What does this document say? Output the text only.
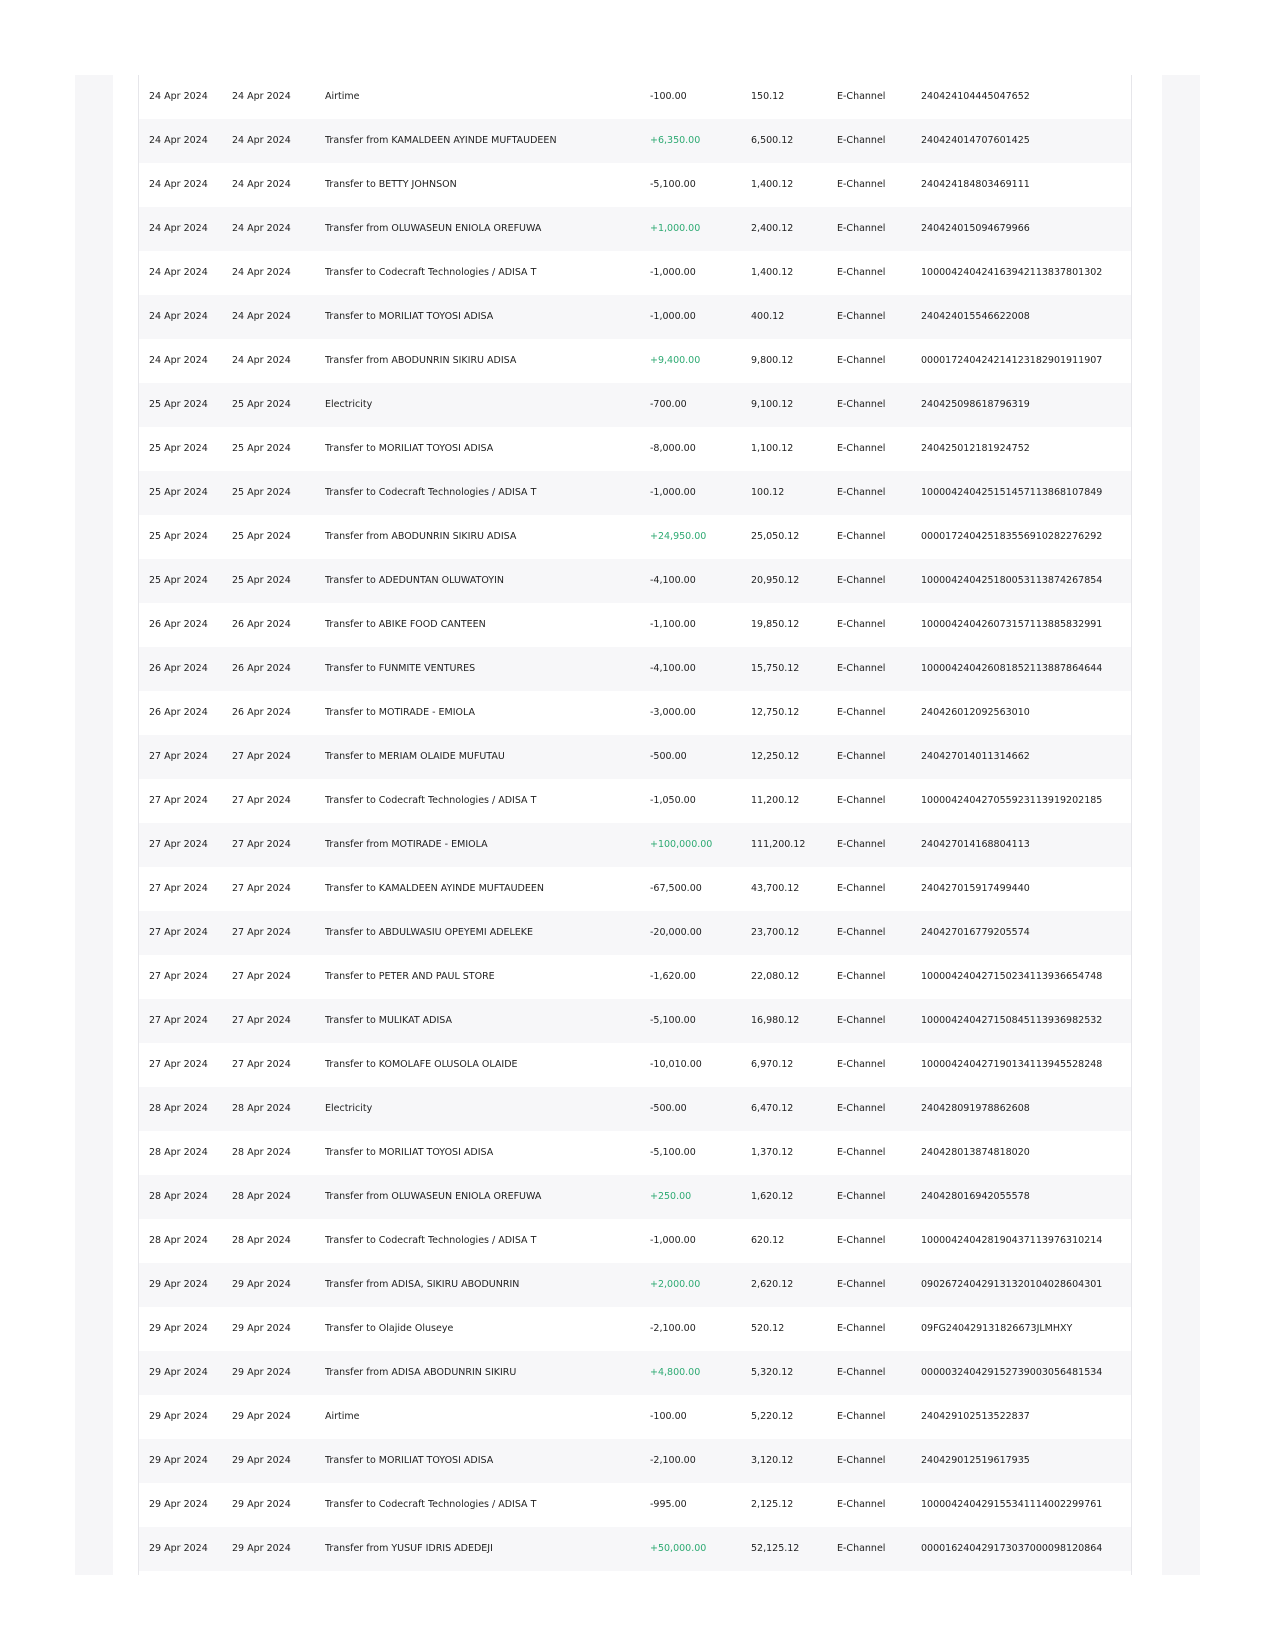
24 Apr 2024	24 Apr 2024	Airtime	-100.00	150.12	E-Channel	240424104445047652
24 Apr 2024	24 Apr 2024	Transfer from KAMALDEEN AYINDE MUFTAUDEEN	+6,350.00	6,500.12	E-Channel	240424014707601425
24 Apr 2024	24 Apr 2024	Transfer to BETTY JOHNSON	-5,100.00	1,400.12	E-Channel	240424184803469111
24 Apr 2024	24 Apr 2024	Transfer from OLUWASEUN ENIOLA OREFUWA	+1,000.00	2,400.12	E-Channel	240424015094679966
24 Apr 2024	24 Apr 2024	Transfer to Codecraft Technologies / ADISA T	-1,000.00	1,400.12	E-Channel	100004240424163942113837801302
24 Apr 2024	24 Apr 2024	Transfer to MORILIAT TOYOSI ADISA	-1,000.00	400.12	E-Channel	240424015546622008
24 Apr 2024	24 Apr 2024	Transfer from ABODUNRIN SIKIRU ADISA	+9,400.00	9,800.12	E-Channel	000017240424214123182901911907
25 Apr 2024	25 Apr 2024	Electricity	-700.00	9,100.12	E-Channel	240425098618796319
25 Apr 2024	25 Apr 2024	Transfer to MORILIAT TOYOSI ADISA	-8,000.00	1,100.12	E-Channel	240425012181924752
25 Apr 2024	25 Apr 2024	Transfer to Codecraft Technologies / ADISA T	-1,000.00	100.12	E-Channel	100004240425151457113868107849
25 Apr 2024	25 Apr 2024	Transfer from ABODUNRIN SIKIRU ADISA	+24,950.00	25,050.12	E-Channel	000017240425183556910282276292
25 Apr 2024	25 Apr 2024	Transfer to ADEDUNTAN OLUWATOYIN	-4,100.00	20,950.12	E-Channel	100004240425180053113874267854
26 Apr 2024	26 Apr 2024	Transfer to ABIKE FOOD CANTEEN	-1,100.00	19,850.12	E-Channel	100004240426073157113885832991
26 Apr 2024	26 Apr 2024	Transfer to FUNMITE VENTURES	-4,100.00	15,750.12	E-Channel	100004240426081852113887864644
26 Apr 2024	26 Apr 2024	Transfer to MOTIRADE - EMIOLA	-3,000.00	12,750.12	E-Channel	240426012092563010
27 Apr 2024	27 Apr 2024	Transfer to MERIAM OLAIDE MUFUTAU	-500.00	12,250.12	E-Channel	240427014011314662
27 Apr 2024	27 Apr 2024	Transfer to Codecraft Technologies / ADISA T	-1,050.00	11,200.12	E-Channel	100004240427055923113919202185
27 Apr 2024	27 Apr 2024	Transfer from MOTIRADE - EMIOLA	+100,000.00	111,200.12	E-Channel	240427014168804113
27 Apr 2024	27 Apr 2024	Transfer to KAMALDEEN AYINDE MUFTAUDEEN	-67,500.00	43,700.12	E-Channel	240427015917499440
27 Apr 2024	27 Apr 2024	Transfer to ABDULWASIU OPEYEMI ADELEKE	-20,000.00	23,700.12	E-Channel	240427016779205574
27 Apr 2024	27 Apr 2024	Transfer to PETER AND PAUL STORE	-1,620.00	22,080.12	E-Channel	100004240427150234113936654748
27 Apr 2024	27 Apr 2024	Transfer to MULIKAT ADISA	-5,100.00	16,980.12	E-Channel	100004240427150845113936982532
27 Apr 2024	27 Apr 2024	Transfer to KOMOLAFE OLUSOLA OLAIDE	-10,010.00	6,970.12	E-Channel	100004240427190134113945528248
28 Apr 2024	28 Apr 2024	Electricity	-500.00	6,470.12	E-Channel	240428091978862608
28 Apr 2024	28 Apr 2024	Transfer to MORILIAT TOYOSI ADISA	-5,100.00	1,370.12	E-Channel	240428013874818020
28 Apr 2024	28 Apr 2024	Transfer from OLUWASEUN ENIOLA OREFUWA	+250.00	1,620.12	E-Channel	240428016942055578
28 Apr 2024	28 Apr 2024	Transfer to Codecraft Technologies / ADISA T	-1,000.00	620.12	E-Channel	100004240428190437113976310214
29 Apr 2024	29 Apr 2024	Transfer from ADISA, SIKIRU ABODUNRIN	+2,000.00	2,620.12	E-Channel	090267240429131320104028604301
29 Apr 2024	29 Apr 2024	Transfer to Olajide Oluseye	-2,100.00	520.12	E-Channel	09FG240429131826673JLMHXY
29 Apr 2024	29 Apr 2024	Transfer from ADISA ABODUNRIN SIKIRU	+4,800.00	5,320.12	E-Channel	000003240429152739003056481534
29 Apr 2024	29 Apr 2024	Airtime	-100.00	5,220.12	E-Channel	240429102513522837
29 Apr 2024	29 Apr 2024	Transfer to MORILIAT TOYOSI ADISA	-2,100.00	3,120.12	E-Channel	240429012519617935
29 Apr 2024	29 Apr 2024	Transfer to Codecraft Technologies / ADISA T	-995.00	2,125.12	E-Channel	100004240429155341114002299761
29 Apr 2024	29 Apr 2024	Transfer from YUSUF IDRIS ADEDEJI	+50,000.00	52,125.12	E-Channel	000016240429173037000098120864
